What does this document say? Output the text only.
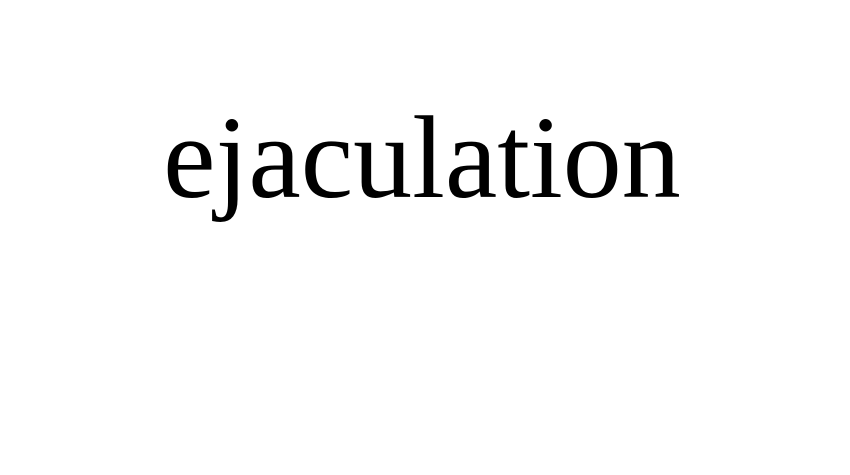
ejaculation
